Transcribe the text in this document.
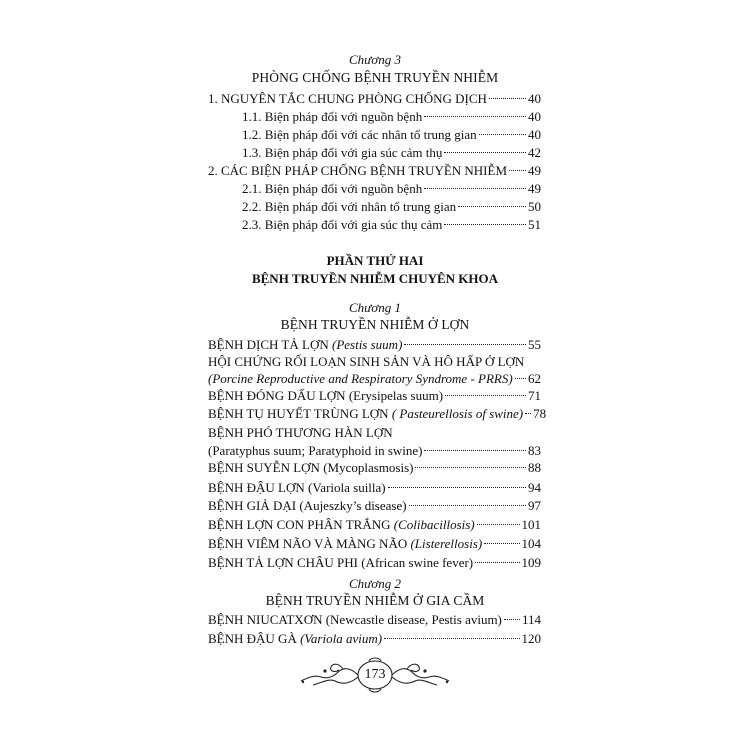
Chương 3
PHÒNG CHỐNG BỆNH TRUYỀN NHIỄM
1. NGUYÊN TẮC CHUNG PHÒNG CHỐNG DỊCH	40
1.1. Biện pháp đối với nguồn bệnh	40
1.2. Biện pháp đối với các nhân tố trung gian	40
1.3. Biện pháp đối với gia súc cảm thụ	42
2. CÁC BIỆN PHÁP CHỐNG BỆNH TRUYỀN NHIỄM 49
2.1. Biện pháp đối với nguồn bệnh	49
2.2. Biện pháp đối với nhân tố trung gian	50
2.3. Biện pháp đối với gia súc thụ cảm	51
PHẦN THỨ HAI
BỆNH TRUYỀN NHIỄM CHUYÊN KHOA
Chương 1
BỆNH TRUYỀN NHIỄM Ở LỢN
BỆNH DỊCH TẢ LỢN (Pestis suum)	55
HỘI CHỨNG RỐI LOẠN SINH SẢN VÀ HÔ HẤP Ở LỢN
(Porcine Reproductive and Respiratory Syndrome - PRRS) 62
BỆNH ĐÓNG DẤU LỢN (Erysipelas suum)	71
BỆNH TỤ HUYẾT TRÙNG LỢN ( Pasteurellosis of swine) 78
BỆNH PHÓ THƯƠNG HÀN LỢN
(Paratyphus suum; Paratyphoid in swine)	83
BỆNH SUYỄN LỢN (Mycoplasmosis)	88
BỆNH ĐẬU LỢN (Variola suilla)	94
BỆNH GIẢ DẠI (Aujeszky’s disease)	97
BỆNH LỢN CON PHÂN TRẮNG (Colibacillosis)	101
BỆNH VIÊM NÃO VÀ MÀNG NÃO (Listerellosis)	104
BỆNH TẢ LỢN CHÂU PHI (African swine fever)	109
Chương 2
BỆNH TRUYỀN NHIỄM Ở GIA CẦM
BỆNH NIUCATXƠN (Newcastle disease, Pestis avium) 114
BỆNH ĐẬU GÀ (Variola avium)	120
173
